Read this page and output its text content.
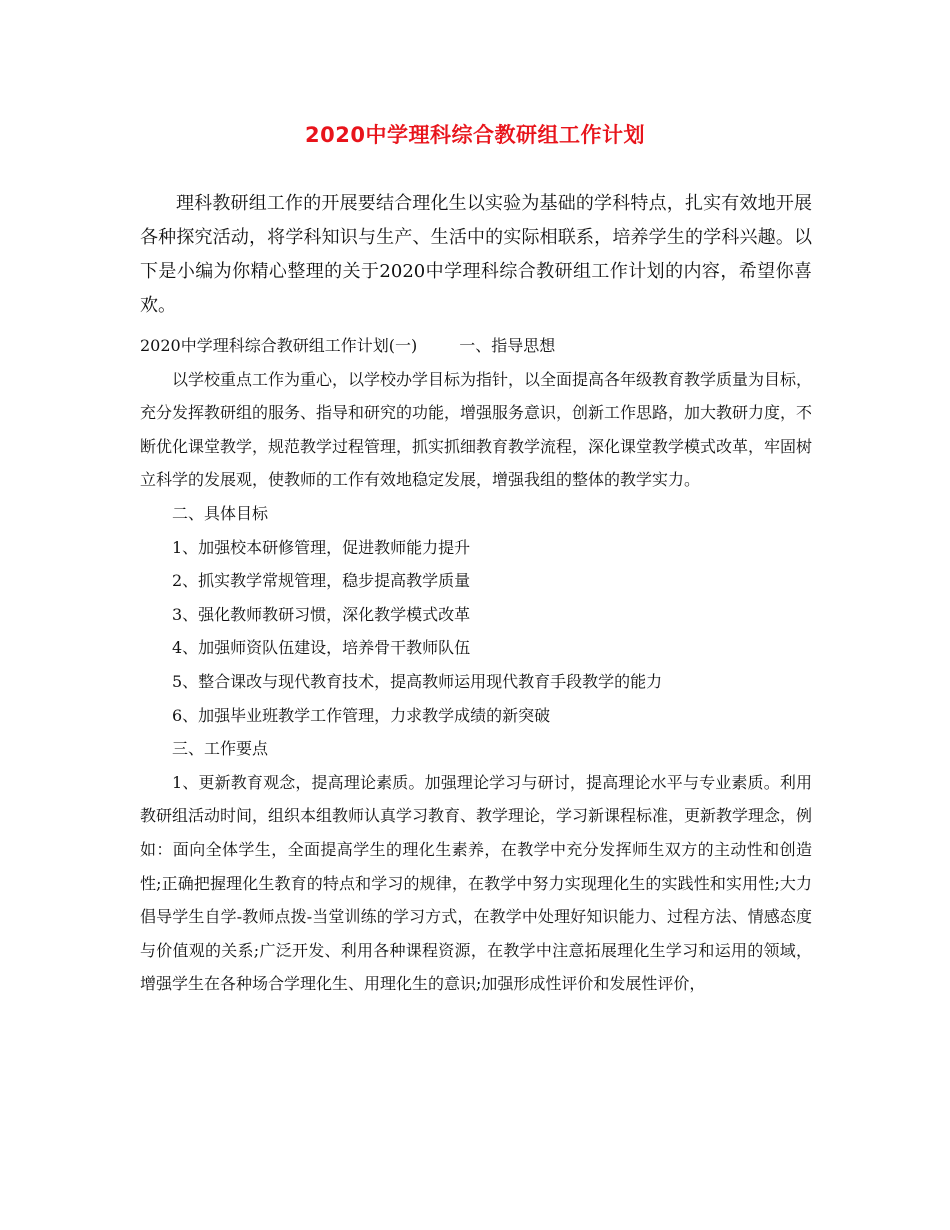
2020中学理科综合教研组工作计划

理科教研组工作的开展要结合理化生以实验为基础的学科特点，扎实有效地开展各种探究活动，将学科知识与生产、生活中的实际相联系，培养学生的学科兴趣。以下是小编为你精心整理的关于2020中学理科综合教研组工作计划的内容，希望你喜欢。

2020中学理科综合教研组工作计划(一)	一、指导思想

以学校重点工作为重心，以学校办学目标为指针，以全面提高各年级教育教学质量为目标，充分发挥教研组的服务、指导和研究的功能，增强服务意识，创新工作思路，加大教研力度，不断优化课堂教学，规范教学过程管理，抓实抓细教育教学流程，深化课堂教学模式改革，牢固树立科学的发展观，使教师的工作有效地稳定发展，增强我组的整体的教学实力。

二、具体目标
1、加强校本研修管理，促进教师能力提升
2、抓实教学常规管理，稳步提高教学质量
3、强化教师教研习惯，深化教学模式改革
4、加强师资队伍建设，培养骨干教师队伍
5、整合课改与现代教育技术，提高教师运用现代教育手段教学的能力
6、加强毕业班教学工作管理，力求教学成绩的新突破
三、工作要点

1、更新教育观念，提高理论素质。加强理论学习与研讨，提高理论水平与专业素质。利用教研组活动时间，组织本组教师认真学习教育、教学理论，学习新课程标准，更新教学理念，例如：面向全体学生，全面提高学生的理化生素养，在教学中充分发挥师生双方的主动性和创造性;正确把握理化生教育的特点和学习的规律，在教学中努力实现理化生的实践性和实用性;大力倡导学生自学-教师点拨-当堂训练的学习方式，在教学中处理好知识能力、过程方法、情感态度与价值观的关系;广泛开发、利用各种课程资源，在教学中注意拓展理化生学习和运用的领域，增强学生在各种场合学理化生、用理化生的意识;加强形成性评价和发展性评价，
